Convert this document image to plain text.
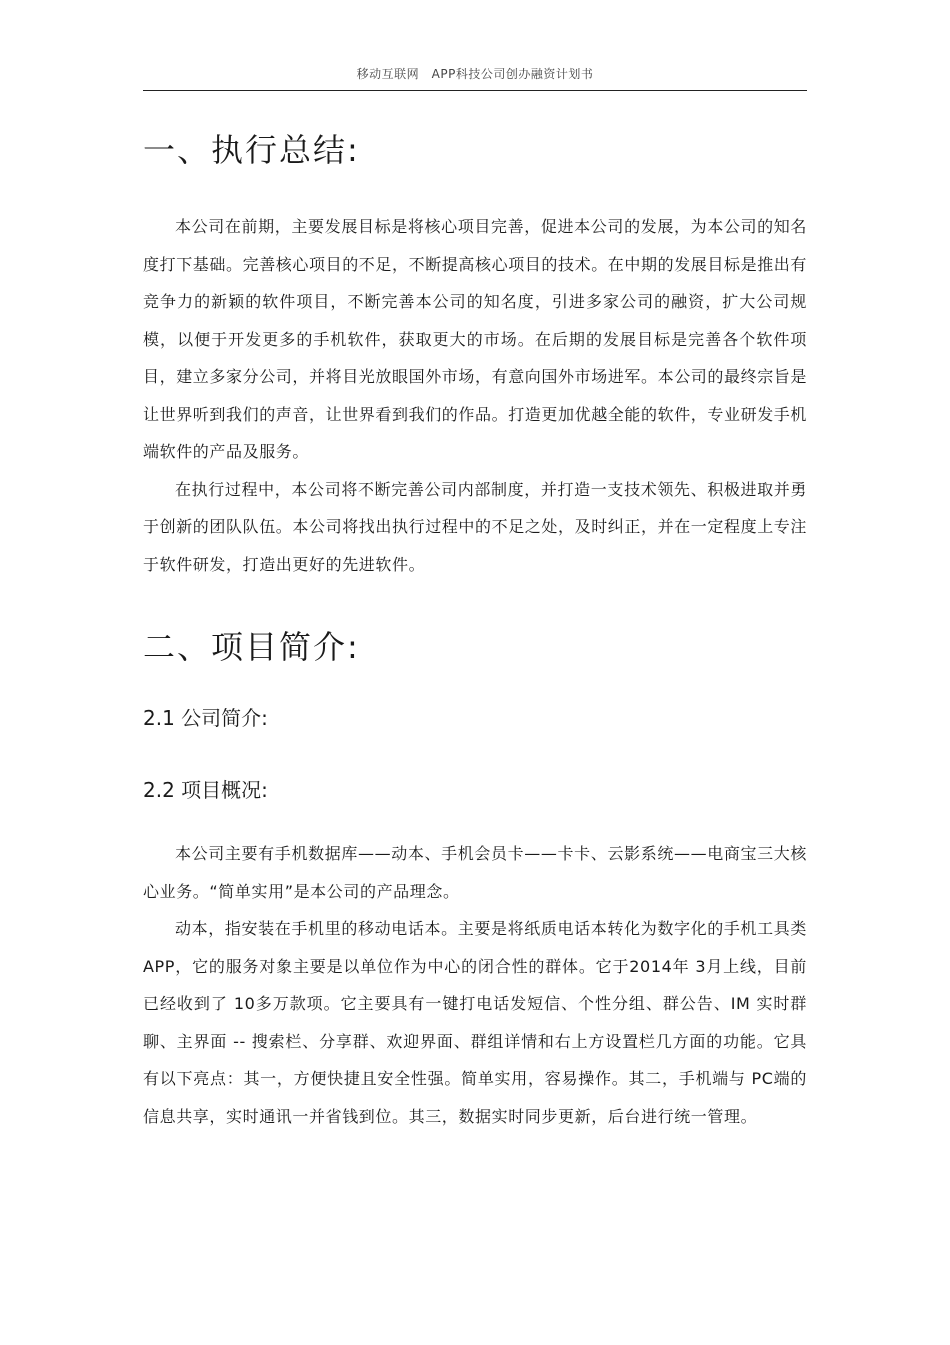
移动互联网　APP科技公司创办融资计划书
一、执行总结:

本公司在前期，主要发展目标是将核心项目完善，促进本公司的发展，为本公司的知名度打下基础。完善核心项目的不足，不断提高核心项目的技术。在中期的发展目标是推出有竞争力的新颖的软件项目，不断完善本公司的知名度，引进多家公司的融资，扩大公司规模，以便于开发更多的手机软件，获取更大的市场。在后期的发展目标是完善各个软件项目，建立多家分公司，并将目光放眼国外市场，有意向国外市场进军。本公司的最终宗旨是让世界听到我们的声音，让世界看到我们的作品。打造更加优越全能的软件，专业研发手机端软件的产品及服务。

在执行过程中，本公司将不断完善公司内部制度，并打造一支技术领先、积极进取并勇于创新的团队队伍。本公司将找出执行过程中的不足之处，及时纠正，并在一定程度上专注于软件研发，打造出更好的先进软件。

二、项目简介:
2.1 公司简介:
2.2 项目概况:

本公司主要有手机数据库——动本、手机会员卡——卡卡、云影系统——电商宝三大核心业务。“简单实用”是本公司的产品理念。

动本，指安装在手机里的移动电话本。主要是将纸质电话本转化为数字化的手机工具类 APP，它的服务对象主要是以单位作为中心的闭合性的群体。它于2014年 3月上线，目前已经收到了 10多万款项。它主要具有一键打电话发短信、个性分组、群公告、IM 实时群聊、主界面 -- 搜索栏、分享群、欢迎界面、群组详情和右上方设置栏几方面的功能。它具有以下亮点：其一，方便快捷且安全性强。简单实用，容易操作。其二，手机端与 PC端的信息共享，实时通讯一并省钱到位。其三，数据实时同步更新，后台进行统一管理。
